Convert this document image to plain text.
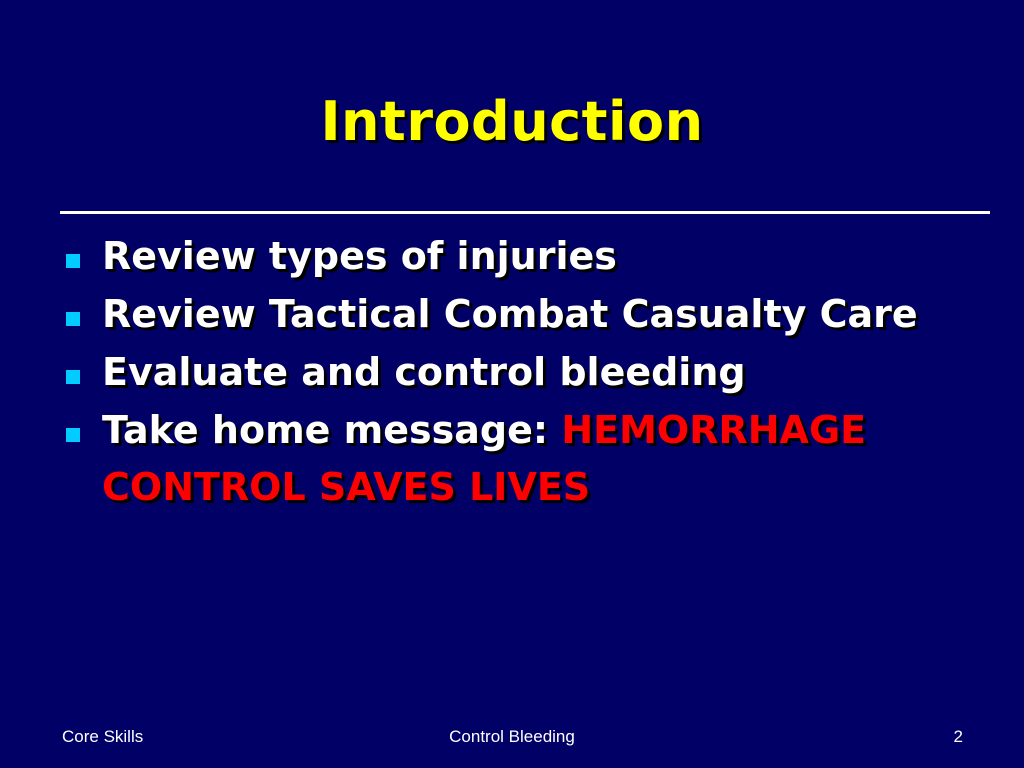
Introduction
Review types of injuries
Review Tactical Combat Casualty Care
Evaluate and control bleeding
Take home message: HEMORRHAGE CONTROL SAVES LIVES
Core Skills	Control Bleeding	2
